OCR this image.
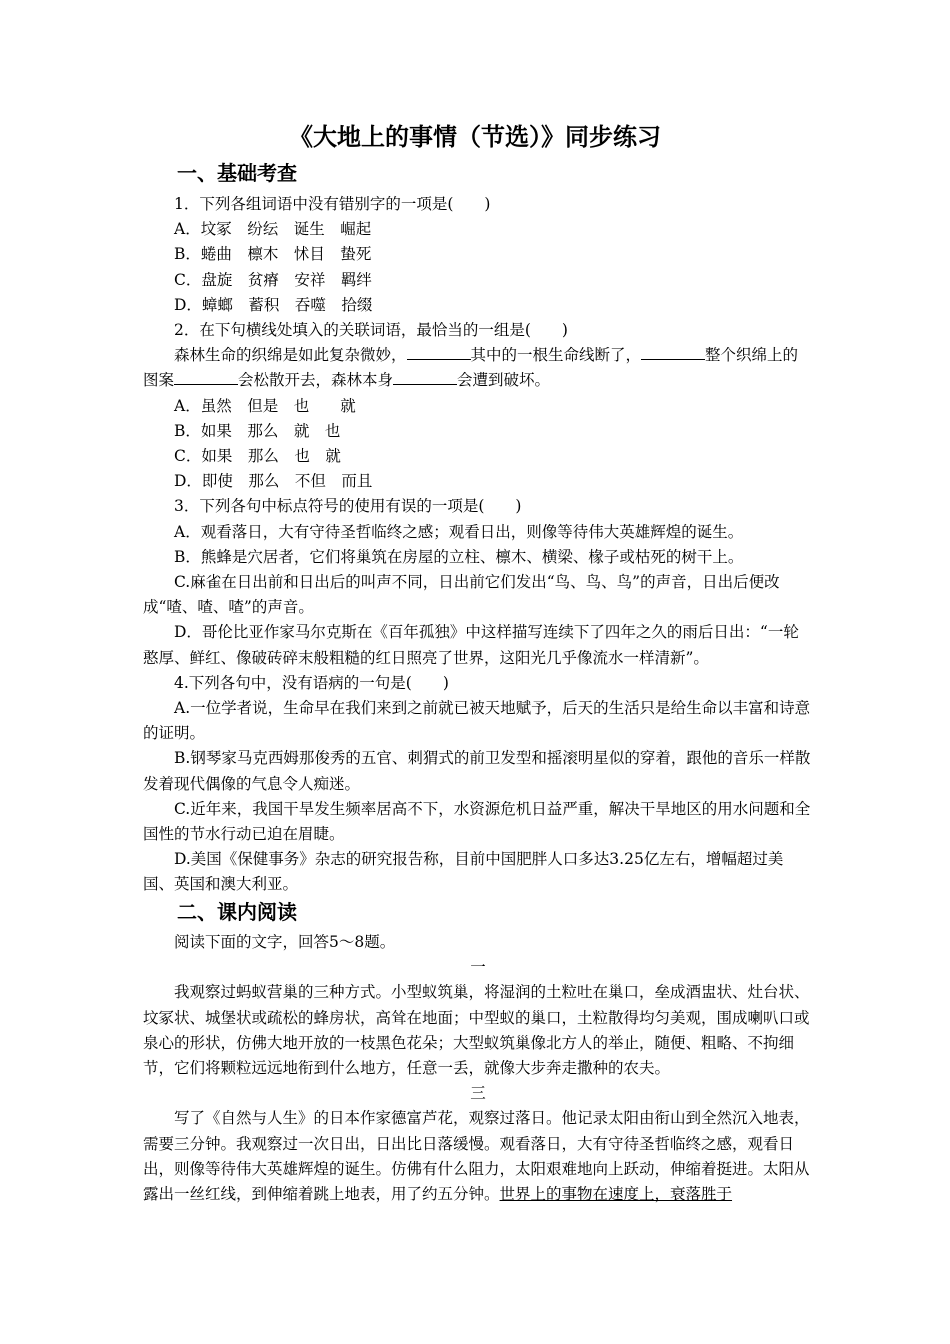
《大地上的事情（节选）》同步练习
一、基础考查

1．下列各组词语中没有错别字的一项是(　　)

A．坟冢　纷纭　诞生　崛起

B．蜷曲　檩木　怵目　蛰死

C．盘旋　贫瘠　安祥　羁绊

D．蟑螂　蓄积　吞噬　拾缀

2．在下句横线处填入的关联词语，最恰当的一组是(　　)

森林生命的织绵是如此复杂微妙，	其中的一根生命线断了，	整个织绵上的图案	会松散开去，森林本身	会遭到破坏。

A．虽然　但是　也　　就

B．如果　那么　就　也

C．如果　那么　也　就

D．即使　那么　不但　而且

3．下列各句中标点符号的使用有误的一项是(　　)

A．观看落日，大有守待圣哲临终之感；观看日出，则像等待伟大英雄辉煌的诞生。

B．熊蜂是穴居者，它们将巢筑在房屋的立柱、檩木、横梁、椽子或枯死的树干上。

C.麻雀在日出前和日出后的叫声不同，日出前它们发出“鸟、鸟、鸟”的声音，日出后便改成“喳、喳、喳”的声音。

D．哥伦比亚作家马尔克斯在《百年孤独》中这样描写连续下了四年之久的雨后日出：“一轮憨厚、鲜红、像破砖碎末般粗糙的红日照亮了世界，这阳光几乎像流水一样清新”。

4.下列各句中，没有语病的一句是(　　)

A.一位学者说，生命早在我们来到之前就已被天地赋予，后天的生活只是给生命以丰富和诗意的证明。

B.钢琴家马克西姆那俊秀的五官、刺猬式的前卫发型和摇滚明星似的穿着，跟他的音乐一样散发着现代偶像的气息令人痴迷。

C.近年来，我国干旱发生频率居高不下，水资源危机日益严重，解决干旱地区的用水问题和全国性的节水行动已迫在眉睫。

D.美国《保健事务》杂志的研究报告称，目前中国肥胖人口多达3.25亿左右，增幅超过美国、英国和澳大利亚。

二、课内阅读

阅读下面的文字，回答5～8题。

一

我观察过蚂蚁营巢的三种方式。小型蚁筑巢，将湿润的土粒吐在巢口，垒成酒盅状、灶台状、坟冢状、城堡状或疏松的蜂房状，高耸在地面；中型蚁的巢口，土粒散得均匀美观，围成喇叭口或泉心的形状，仿佛大地开放的一枝黑色花朵；大型蚁筑巢像北方人的举止，随便、粗略、不拘细节，它们将颗粒远远地衔到什么地方，任意一丢，就像大步奔走撒种的农夫。

三

写了《自然与人生》的日本作家德富芦花，观察过落日。他记录太阳由衔山到全然沉入地表，需要三分钟。我观察过一次日出，日出比日落缓慢。观看落日，大有守待圣哲临终之感，观看日出，则像等待伟大英雄辉煌的诞生。仿佛有什么阻力，太阳艰难地向上跃动，伸缩着挺进。太阳从露出一丝红线，到伸缩着跳上地表，用了约五分钟。世界上的事物在速度上，衰落胜于
